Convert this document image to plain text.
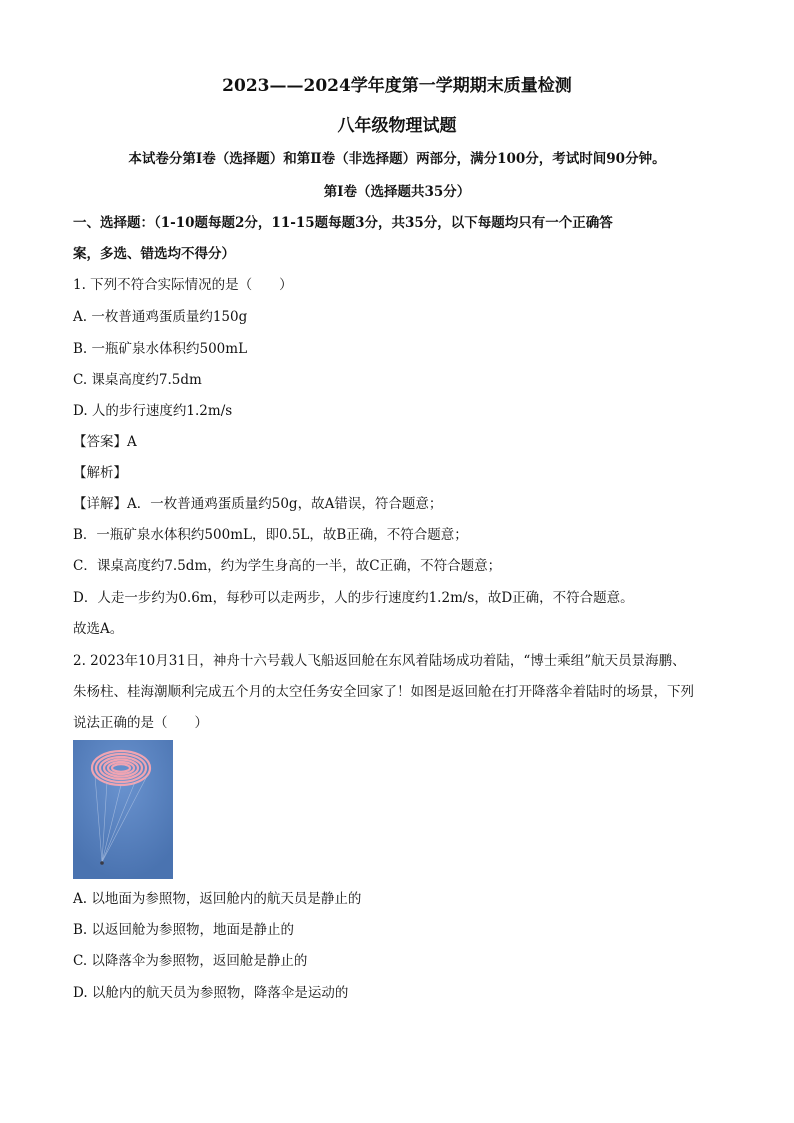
2023——2024学年度第一学期期末质量检测
八年级物理试题
本试卷分第Ⅰ卷（选择题）和第Ⅱ卷（非选择题）两部分，满分100分，考试时间90分钟。
第Ⅰ卷（选择题共35分）
一、选择题：（1-10题每题2分，11-15题每题3分，共35分，以下每题均只有一个正确答
案，多选、错选均不得分）
1. 下列不符合实际情况的是（　　）
A. 一枚普通鸡蛋质量约150g
B. 一瓶矿泉水体积约500mL
C. 课桌高度约7.5dm
D. 人的步行速度约1.2m/s
【答案】A
【解析】
【详解】A．一枚普通鸡蛋质量约50g，故A错误，符合题意；
B．一瓶矿泉水体积约500mL，即0.5L，故B正确，不符合题意；
C．课桌高度约7.5dm，约为学生身高的一半，故C正确，不符合题意；
D．人走一步约为0.6m，每秒可以走两步，人的步行速度约1.2m/s，故D正确，不符合题意。
故选A。
2. 2023年10月31日，神舟十六号载人飞船返回舱在东风着陆场成功着陆，“博士乘组”航天员景海鹏、
朱杨柱、桂海潮顺利完成五个月的太空任务安全回家了！如图是返回舱在打开降落伞着陆时的场景，下列
说法正确的是（　　）
A. 以地面为参照物，返回舱内的航天员是静止的
B. 以返回舱为参照物，地面是静止的
C. 以降落伞为参照物，返回舱是静止的
D. 以舱内的航天员为参照物，降落伞是运动的
